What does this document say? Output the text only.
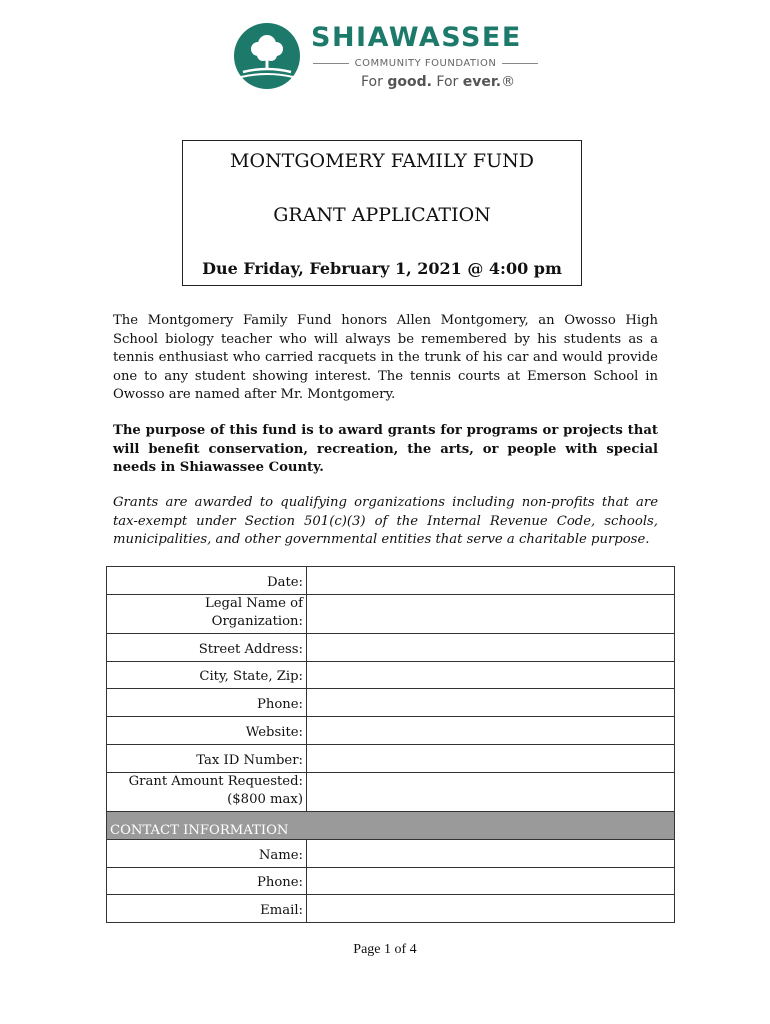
SHIAWASSEE
COMMUNITY FOUNDATION
For good. For ever.®
MONTGOMERY FAMILY FUND
GRANT APPLICATION
Due Friday, February 1, 2021 @ 4:00 pm

The Montgomery Family Fund honors Allen Montgomery, an Owosso High School biology teacher who will always be remembered by his students as a tennis enthusiast who carried racquets in the trunk of his car and would provide one to any student showing interest. The tennis courts at Emerson School in Owosso are named after Mr. Montgomery.

The purpose of this fund is to award grants for programs or projects that will benefit conservation, recreation, the arts, or people with special needs in Shiawassee County.

Grants are awarded to qualifying organizations including non-profits that are tax-exempt under Section 501(c)(3) of the Internal Revenue Code, schools, municipalities, and other governmental entities that serve a charitable purpose.

Date:	
Legal Name of Organization:	
Street Address:	
City, State, Zip:	
Phone:	
Website:	
Tax ID Number:	
Grant Amount Requested:
($800 max)	
CONTACT INFORMATION	
Name:	
Phone:	
Email:	
Page 1 of 4
